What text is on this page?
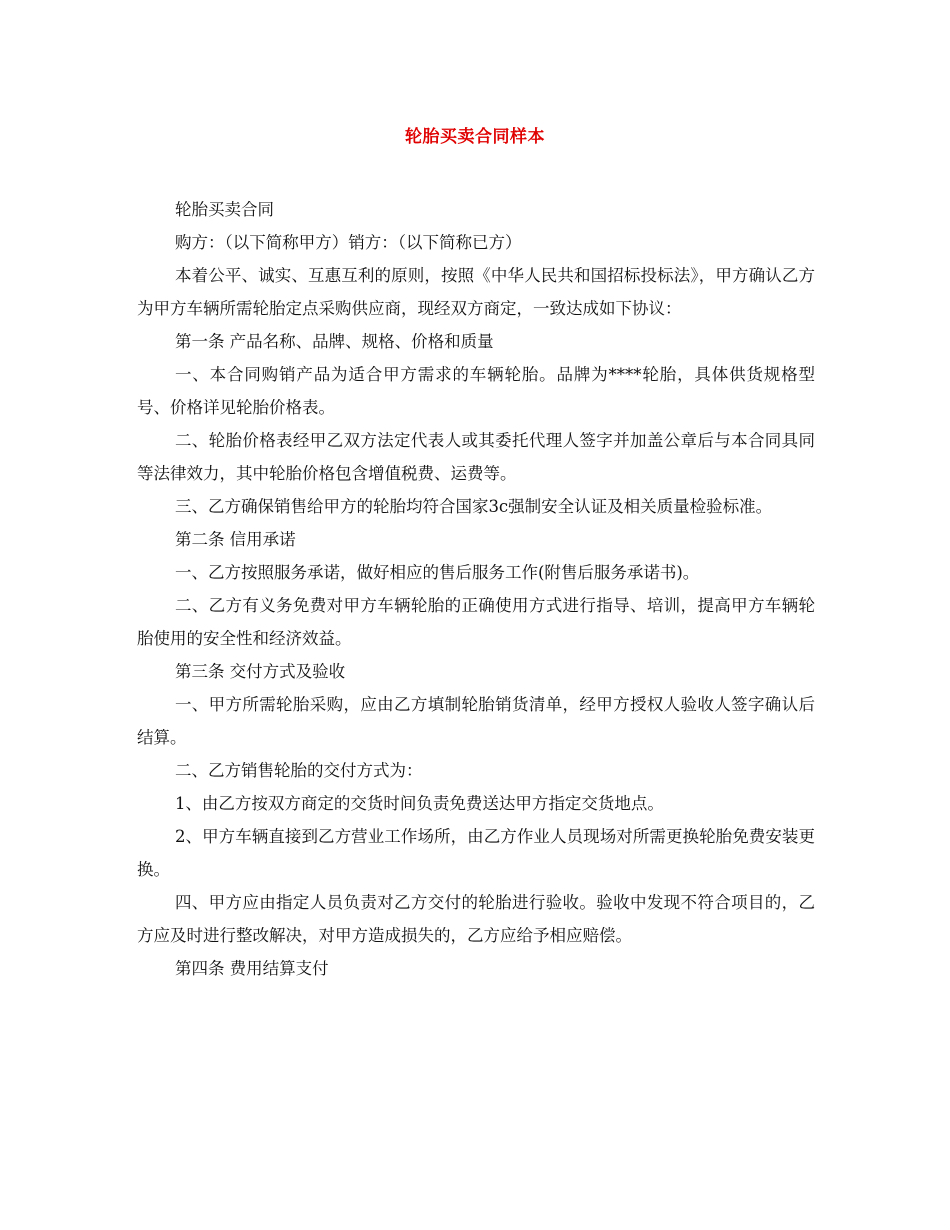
轮胎买卖合同样本

轮胎买卖合同

购方：（以下简称甲方）销方：（以下简称已方）

本着公平、诚实、互惠互利的原则，按照《中华人民共和国招标投标法》，甲方确认乙方为甲方车辆所需轮胎定点采购供应商，现经双方商定，一致达成如下协议：

第一条 产品名称、品牌、规格、价格和质量

一、本合同购销产品为适合甲方需求的车辆轮胎。品牌为****轮胎，具体供货规格型号、价格详见轮胎价格表。

二、轮胎价格表经甲乙双方法定代表人或其委托代理人签字并加盖公章后与本合同具同等法律效力，其中轮胎价格包含增值税费、运费等。

三、乙方确保销售给甲方的轮胎均符合国家3c强制安全认证及相关质量检验标准。

第二条 信用承诺

一、乙方按照服务承诺，做好相应的售后服务工作(附售后服务承诺书)。

二、乙方有义务免费对甲方车辆轮胎的正确使用方式进行指导、培训，提高甲方车辆轮胎使用的安全性和经济效益。

第三条 交付方式及验收

一、甲方所需轮胎采购，应由乙方填制轮胎销货清单，经甲方授权人验收人签字确认后结算。

二、乙方销售轮胎的交付方式为：

1、由乙方按双方商定的交货时间负责免费送达甲方指定交货地点。

2、甲方车辆直接到乙方营业工作场所，由乙方作业人员现场对所需更换轮胎免费安装更换。

四、甲方应由指定人员负责对乙方交付的轮胎进行验收。验收中发现不符合项目的，乙方应及时进行整改解决，对甲方造成损失的，乙方应给予相应赔偿。

第四条 费用结算支付
